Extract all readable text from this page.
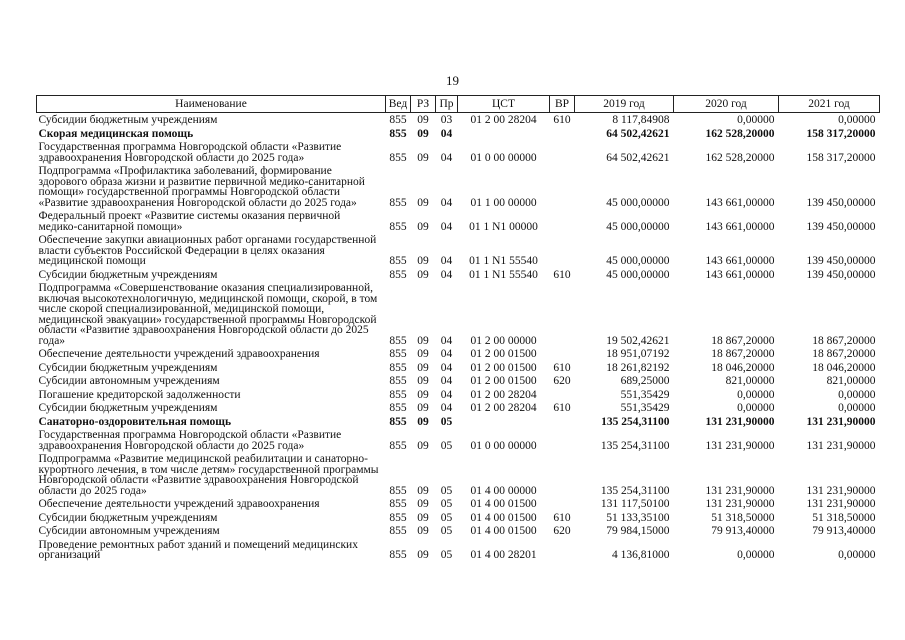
19
Наименование	Вед	РЗ	Пр	ЦСТ	ВР	2019 год	2020 год	2021 год
Субсидии бюджетным учреждениям	855	09	03	01 2 00 28204	610	8 117,84908	0,00000	0,00000
Скорая медицинская помощь	855	09	04			64 502,42621	162 528,20000	158 317,20000
Государственная программа Новгородской области «Развитие здравоохранения Новгородской области до 2025 года»	855	09	04	01 0 00 00000		64 502,42621	162 528,20000	158 317,20000
Подпрограмма «Профилактика заболеваний, формирование здорового образа жизни и развитие первичной медико-санитарной помощи» государственной программы Новгородской области «Развитие здравоохранения Новгородской области до 2025 года»	855	09	04	01 1 00 00000		45 000,00000	143 661,00000	139 450,00000
Федеральный проект «Развитие системы оказания первичной медико-санитарной помощи»	855	09	04	01 1 N1 00000		45 000,00000	143 661,00000	139 450,00000
Обеспечение закупки авиационных работ органами государственной власти субъектов Российской Федерации в целях оказания медицинской помощи	855	09	04	01 1 N1 55540		45 000,00000	143 661,00000	139 450,00000
Субсидии бюджетным учреждениям	855	09	04	01 1 N1 55540	610	45 000,00000	143 661,00000	139 450,00000
Подпрограмма «Совершенствование оказания специализированной, включая высокотехнологичную, медицинской помощи, скорой, в том числе скорой специализированной, медицинской помощи, медицинской эвакуации» государственной программы Новгородской области «Развитие здравоохранения Новгородской области до 2025 года»	855	09	04	01 2 00 00000		19 502,42621	18 867,20000	18 867,20000
Обеспечение деятельности учреждений здравоохранения	855	09	04	01 2 00 01500		18 951,07192	18 867,20000	18 867,20000
Субсидии бюджетным учреждениям	855	09	04	01 2 00 01500	610	18 261,82192	18 046,20000	18 046,20000
Субсидии автономным учреждениям	855	09	04	01 2 00 01500	620	689,25000	821,00000	821,00000
Погашение кредиторской задолженности	855	09	04	01 2 00 28204		551,35429	0,00000	0,00000
Субсидии бюджетным учреждениям	855	09	04	01 2 00 28204	610	551,35429	0,00000	0,00000
Санаторно-оздоровительная помощь	855	09	05			135 254,31100	131 231,90000	131 231,90000
Государственная программа Новгородской области «Развитие здравоохранения Новгородской области до 2025 года»	855	09	05	01 0 00 00000		135 254,31100	131 231,90000	131 231,90000
Подпрограмма «Развитие медицинской реабилитации и санаторно-курортного лечения, в том числе детям» государственной программы Новгородской области «Развитие здравоохранения Новгородской области до 2025 года»	855	09	05	01 4 00 00000		135 254,31100	131 231,90000	131 231,90000
Обеспечение деятельности учреждений здравоохранения	855	09	05	01 4 00 01500		131 117,50100	131 231,90000	131 231,90000
Субсидии бюджетным учреждениям	855	09	05	01 4 00 01500	610	51 133,35100	51 318,50000	51 318,50000
Субсидии автономным учреждениям	855	09	05	01 4 00 01500	620	79 984,15000	79 913,40000	79 913,40000
Проведение ремонтных работ зданий и помещений медицинских организаций	855	09	05	01 4 00 28201		4 136,81000	0,00000	0,00000
